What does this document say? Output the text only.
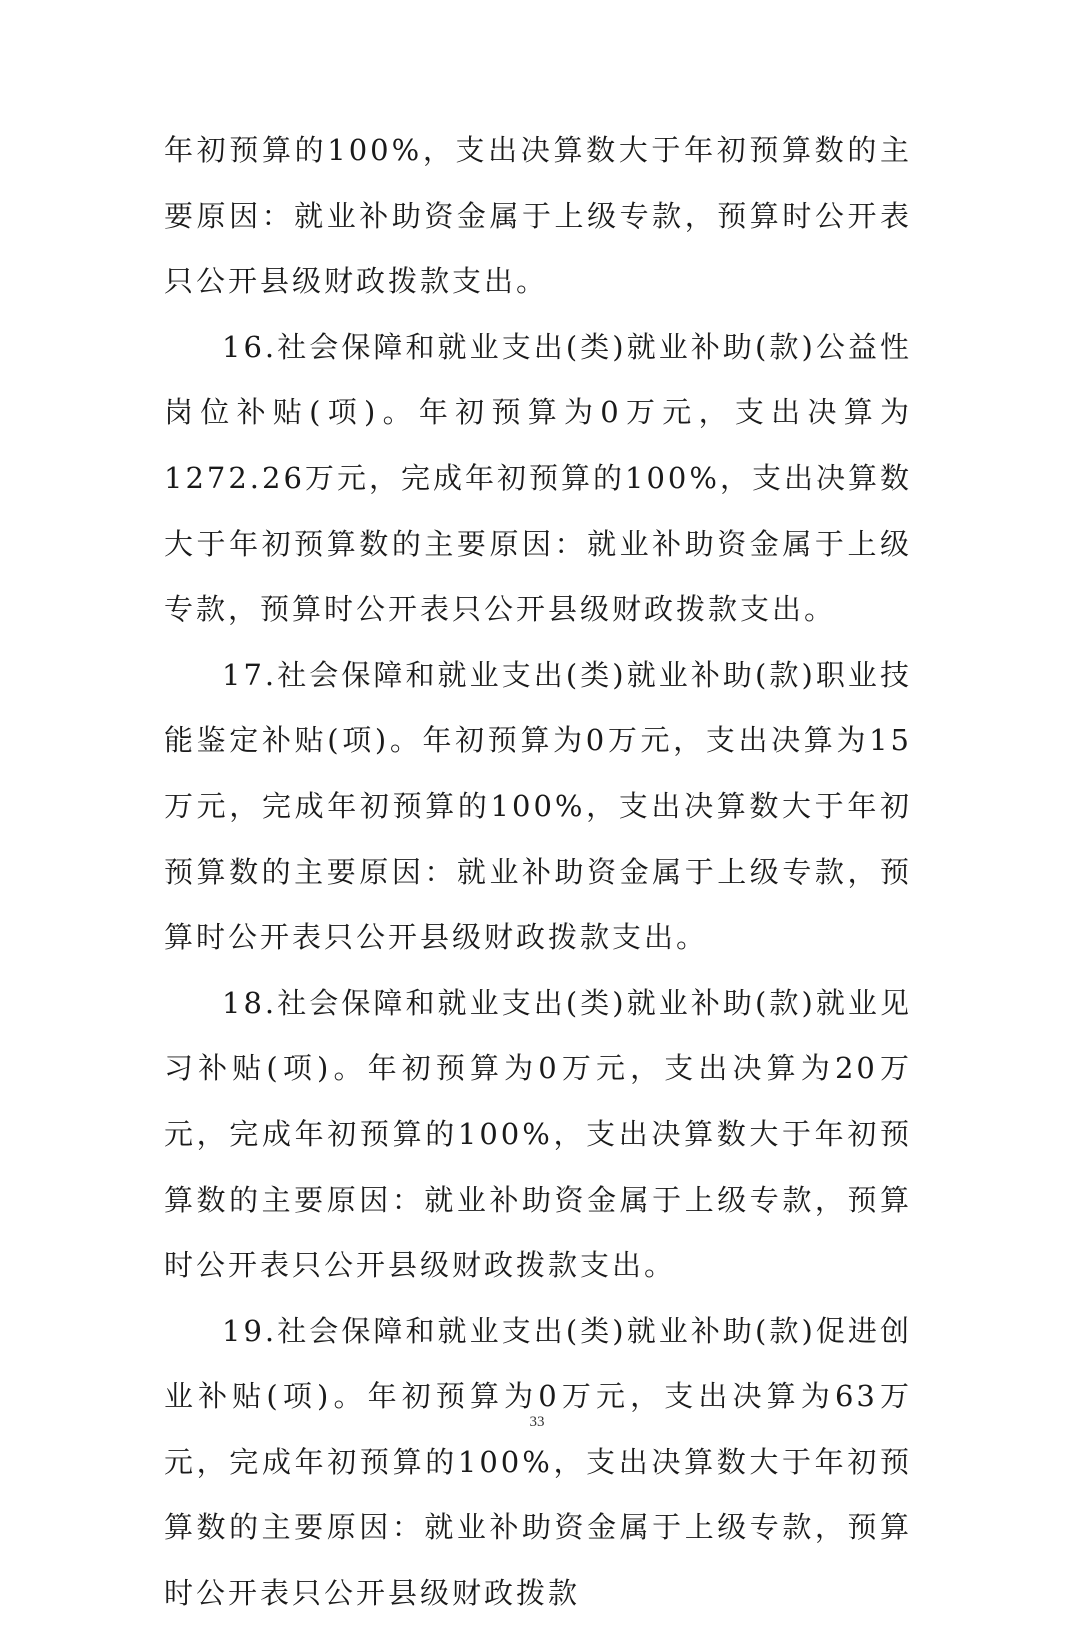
年初预算的100%，支出决算数大于年初预算数的主要原因：就业补助资金属于上级专款，预算时公开表只公开县级财政拨款支出。

16.社会保障和就业支出(类)就业补助(款)公益性岗位补贴(项)。年初预算为0万元，支出决算为1272.26万元，完成年初预算的100%，支出决算数大于年初预算数的主要原因：就业补助资金属于上级专款，预算时公开表只公开县级财政拨款支出。

17.社会保障和就业支出(类)就业补助(款)职业技能鉴定补贴(项)。年初预算为0万元，支出决算为15万元，完成年初预算的100%，支出决算数大于年初预算数的主要原因：就业补助资金属于上级专款，预算时公开表只公开县级财政拨款支出。

18.社会保障和就业支出(类)就业补助(款)就业见习补贴(项)。年初预算为0万元，支出决算为20万元，完成年初预算的100%，支出决算数大于年初预算数的主要原因：就业补助资金属于上级专款，预算时公开表只公开县级财政拨款支出。

19.社会保障和就业支出(类)就业补助(款)促进创业补贴(项)。年初预算为0万元，支出决算为63万元，完成年初预算的100%，支出决算数大于年初预算数的主要原因：就业补助资金属于上级专款，预算时公开表只公开县级财政拨款

33
